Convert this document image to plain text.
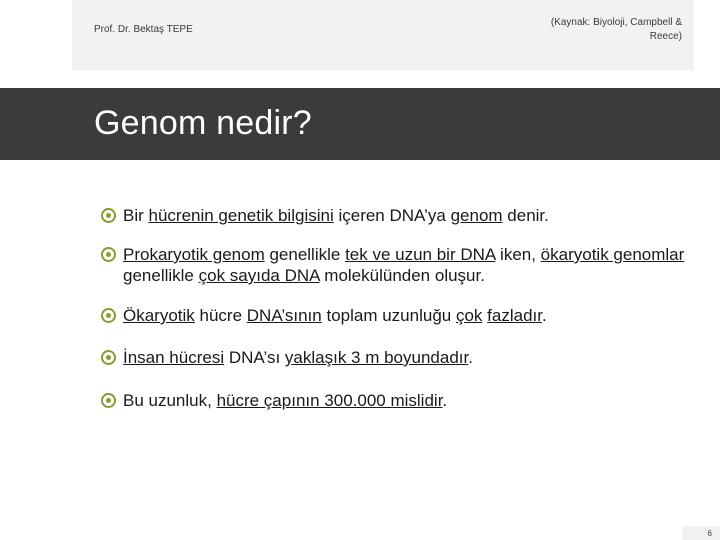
Prof. Dr. Bektaş TEPE
(Kaynak: Biyoloji, Campbell &
Reece)
Genom nedir?
Bir hücrenin genetik bilgisini içeren DNA’ya genom denir.
Prokaryotik genom genellikle tek ve uzun bir DNA iken, ökaryotik genomlar genellikle çok sayıda DNA molekülünden oluşur.
Ökaryotik hücre DNA’sının toplam uzunluğu çok fazladır.
İnsan hücresi DNA’sı yaklaşık 3 m boyundadır.
Bu uzunluk, hücre çapının 300.000 mislidir.
6
